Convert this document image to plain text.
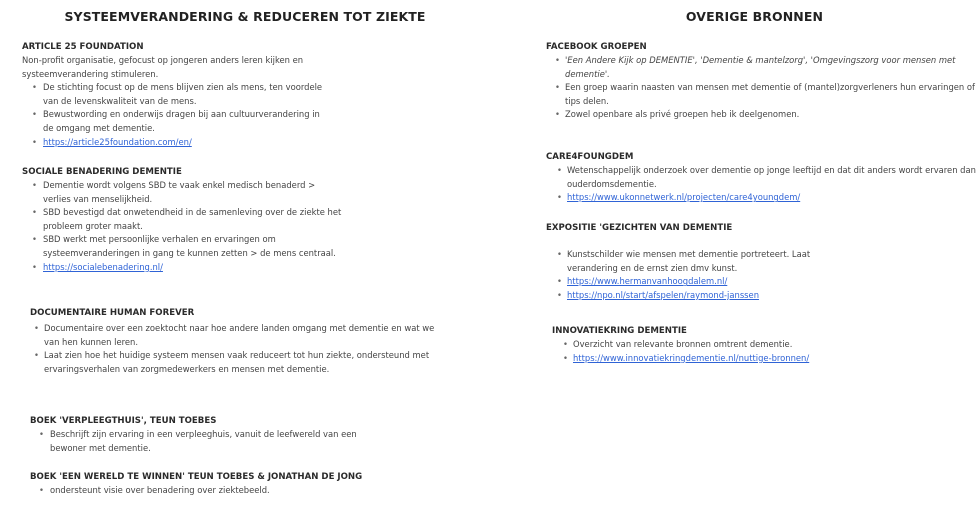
SYSTEEMVERANDERING & REDUCEREN TOT ZIEKTE

ARTICLE 25 FOUNDATION

Non-profit organisatie, gefocust op jongeren anders leren kijken en systeemverandering stimuleren.

• De stichting focust op de mens blijven zien als mens, ten voordele van de levenskwaliteit van de mens.
• Bewustwording en onderwijs dragen bij aan cultuurverandering in de omgang met dementie.
• https://article25foundation.com/en/

SOCIALE BENADERING DEMENTIE

• Dementie wordt volgens SBD te vaak enkel medisch benaderd > verlies van menselijkheid.
• SBD bevestigd dat onwetendheid in de samenleving over de ziekte het probleem groter maakt.
• SBD werkt met persoonlijke verhalen en ervaringen om systeemveranderingen in gang te kunnen zetten > de mens centraal.
• https://socialebenadering.nl/

DOCUMENTAIRE HUMAN FOREVER

• Documentaire over een zoektocht naar hoe andere landen omgang met dementie en wat we van hen kunnen leren.
• Laat zien hoe het huidige systeem mensen vaak reduceert tot hun ziekte, ondersteund met ervaringsverhalen van zorgmedewerkers en mensen met dementie.

BOEK 'VERPLEEGTHUIS', TEUN TOEBES

• Beschrijft zijn ervaring in een verpleeghuis, vanuit de leefwereld van een bewoner met dementie.

BOEK 'EEN WERELD TE WINNEN' TEUN TOEBES & JONATHAN DE JONG

• ondersteunt visie over benadering over ziektebeeld.
OVERIGE BRONNEN

FACEBOOK GROEPEN

• 'Een Andere Kijk op DEMENTIE', 'Dementie & mantelzorg', 'Omgevingszorg voor mensen met dementie'.
• Een groep waarin naasten van mensen met dementie of (mantel)zorgverleners hun ervaringen of tips delen.
• Zowel openbare als privé groepen heb ik deelgenomen.

CARE4FOUNGDEM

• Wetenschappelijk onderzoek over dementie op jonge leeftijd en dat dit anders wordt ervaren dan ouderdomsdementie.
• https://www.ukonnetwerk.nl/projecten/care4youngdem/

EXPOSITIE 'GEZICHTEN VAN DEMENTIE

• Kunstschilder wie mensen met dementie portreteert. Laat verandering en de ernst zien dmv kunst.
• https://www.hermanvanhoogdalem.nl/
• https://npo.nl/start/afspelen/raymond-janssen

INNOVATIEKRING DEMENTIE

• Overzicht van relevante bronnen omtrent dementie.
• https://www.innovatiekringdementie.nl/nuttige-bronnen/
